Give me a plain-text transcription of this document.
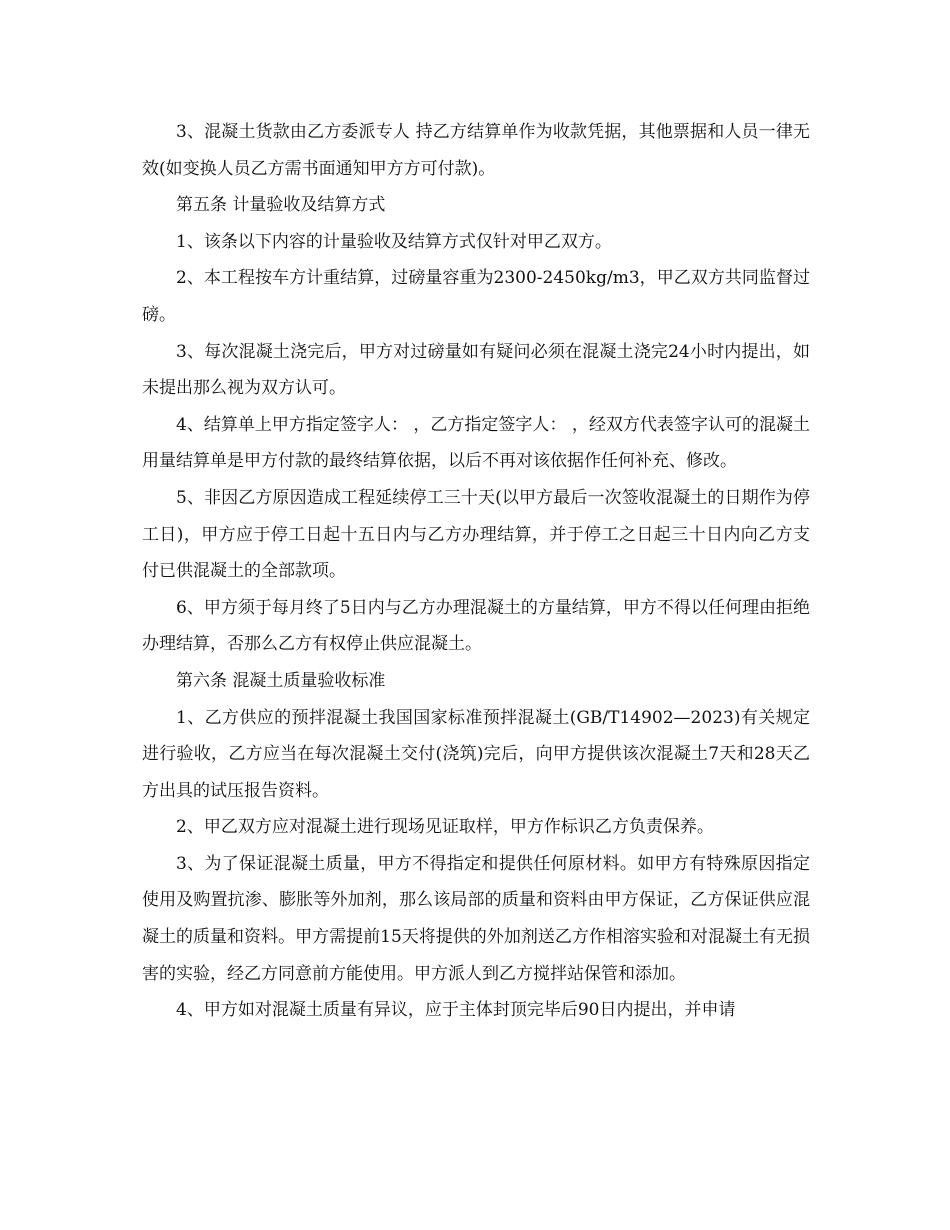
3、混凝土货款由乙方委派专人 持乙方结算单作为收款凭据，其他票据和人员一律无效(如变换人员乙方需书面通知甲方方可付款)。

第五条 计量验收及结算方式

1、该条以下内容的计量验收及结算方式仅针对甲乙双方。

2、本工程按车方计重结算，过磅量容重为2300-2450kg/m3，甲乙双方共同监督过磅。

3、每次混凝土浇完后，甲方对过磅量如有疑问必须在混凝土浇完24小时内提出，如未提出那么视为双方认可。

4、结算单上甲方指定签字人： ，乙方指定签字人： ，经双方代表签字认可的混凝土用量结算单是甲方付款的最终结算依据，以后不再对该依据作任何补充、修改。

5、非因乙方原因造成工程延续停工三十天(以甲方最后一次签收混凝土的日期作为停工日)，甲方应于停工日起十五日内与乙方办理结算，并于停工之日起三十日内向乙方支付已供混凝土的全部款项。

6、甲方须于每月终了5日内与乙方办理混凝土的方量结算，甲方不得以任何理由拒绝办理结算，否那么乙方有权停止供应混凝土。

第六条 混凝土质量验收标准

1、乙方供应的预拌混凝土我国国家标准预拌混凝土(GB/T14902—2023)有关规定进行验收，乙方应当在每次混凝土交付(浇筑)完后，向甲方提供该次混凝土7天和28天乙方出具的试压报告资料。

2、甲乙双方应对混凝土进行现场见证取样，甲方作标识乙方负责保养。

3、为了保证混凝土质量，甲方不得指定和提供任何原材料。如甲方有特殊原因指定使用及购置抗渗、膨胀等外加剂，那么该局部的质量和资料由甲方保证，乙方保证供应混凝土的质量和资料。甲方需提前15天将提供的外加剂送乙方作相溶实验和对混凝土有无损害的实验，经乙方同意前方能使用。甲方派人到乙方搅拌站保管和添加。

4、甲方如对混凝土质量有异议，应于主体封顶完毕后90日内提出，并申请
